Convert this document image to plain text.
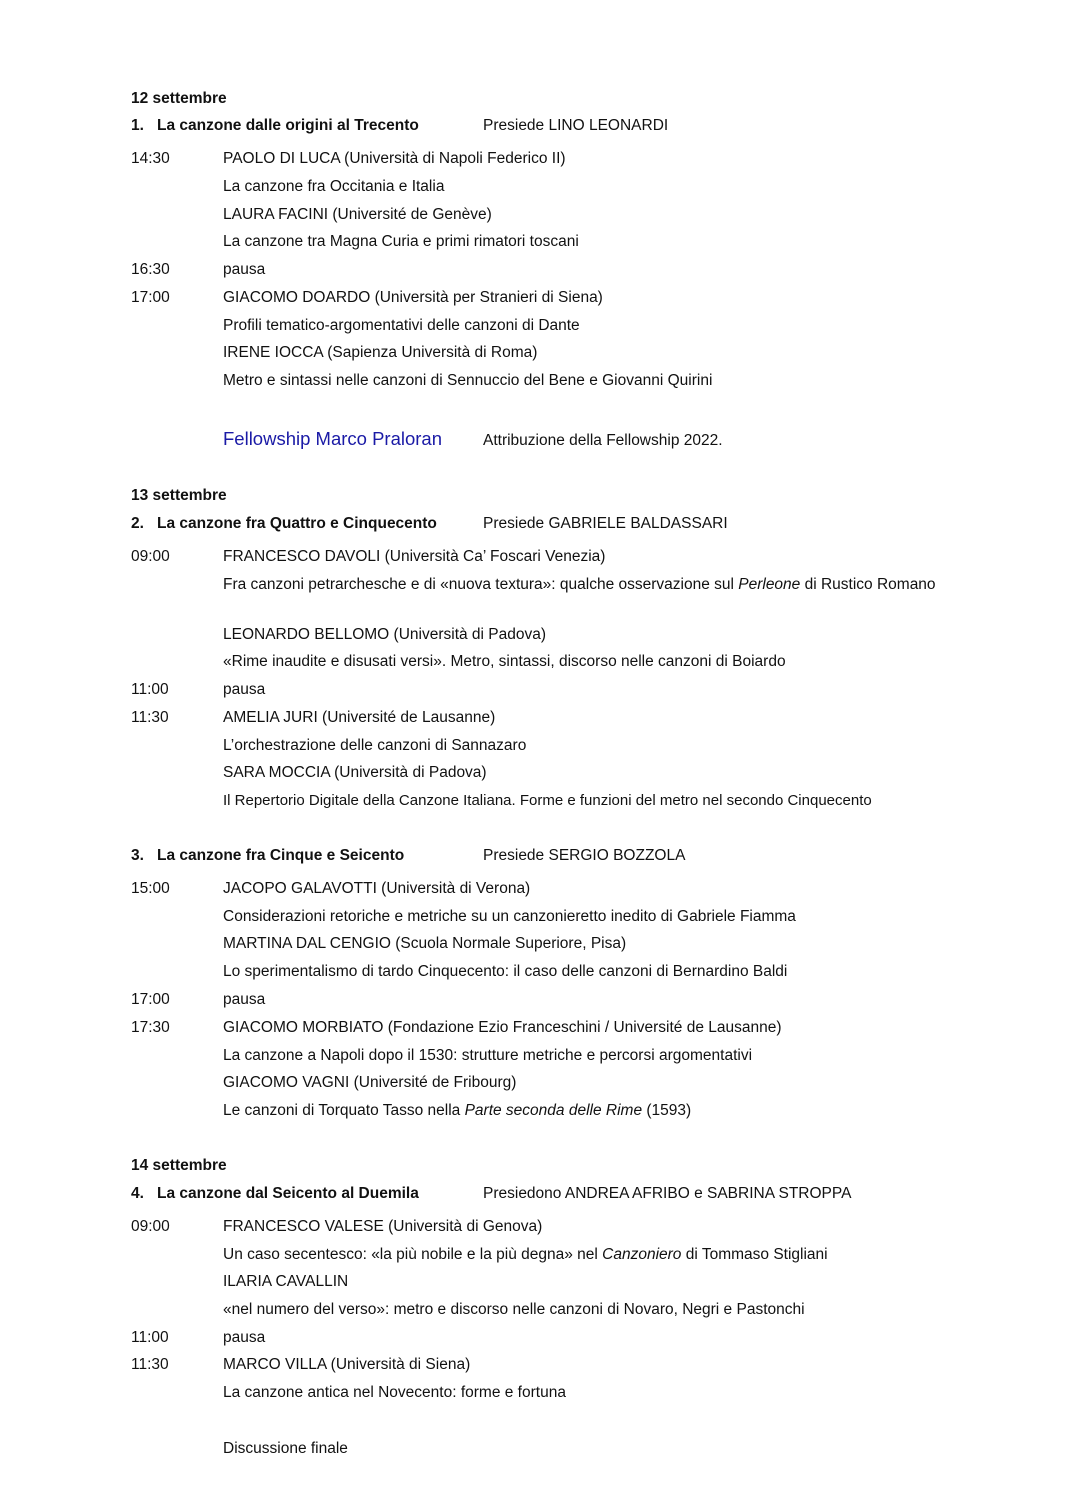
12 settembre
1. La canzone dalle origini al Trecento	Presiede LINO LEONARDI
14:30	PAOLO DI LUCA (Università di Napoli Federico II)
La canzone fra Occitania e Italia
LAURA FACINI (Université de Genève)
La canzone tra Magna Curia e primi rimatori toscani
16:30	pausa
17:00	GIACOMO DOARDO (Università per Stranieri di Siena)
Profili tematico-argomentativi delle canzoni di Dante
IRENE IOCCA (Sapienza Università di Roma)
Metro e sintassi nelle canzoni di Sennuccio del Bene e Giovanni Quirini
Fellowship Marco Praloran	Attribuzione della Fellowship 2022.
13 settembre
2. La canzone fra Quattro e Cinquecento	Presiede GABRIELE BALDASSARI
09:00	FRANCESCO DAVOLI (Università Ca’ Foscari Venezia)
Fra canzoni petrarchesche e di «nuova textura»: qualche osservazione sul Perleone di Rustico Romano
LEONARDO BELLOMO (Università di Padova)
«Rime inaudite e disusati versi». Metro, sintassi, discorso nelle canzoni di Boiardo
11:00	pausa
11:30	AMELIA JURI (Université de Lausanne)
L’orchestrazione delle canzoni di Sannazaro
SARA MOCCIA (Università di Padova)
Il Repertorio Digitale della Canzone Italiana. Forme e funzioni del metro nel secondo Cinquecento
3. La canzone fra Cinque e Seicento	Presiede SERGIO BOZZOLA
15:00	JACOPO GALAVOTTI (Università di Verona)
Considerazioni retoriche e metriche su un canzonieretto inedito di Gabriele Fiamma
MARTINA DAL CENGIO (Scuola Normale Superiore, Pisa)
Lo sperimentalismo di tardo Cinquecento: il caso delle canzoni di Bernardino Baldi
17:00	pausa
17:30	GIACOMO MORBIATO (Fondazione Ezio Franceschini / Université de Lausanne)
La canzone a Napoli dopo il 1530: strutture metriche e percorsi argomentativi
GIACOMO VAGNI (Université de Fribourg)
Le canzoni di Torquato Tasso nella Parte seconda delle Rime (1593)
14 settembre
4. La canzone dal Seicento al Duemila	Presiedono ANDREA AFRIBO e SABRINA STROPPA
09:00	FRANCESCO VALESE (Università di Genova)
Un caso secentesco: «la più nobile e la più degna» nel Canzoniero di Tommaso Stigliani
ILARIA CAVALLIN
«nel numero del verso»: metro e discorso nelle canzoni di Novaro, Negri e Pastonchi
11:00	pausa
11:30	MARCO VILLA (Università di Siena)
La canzone antica nel Novecento: forme e fortuna
Discussione finale
